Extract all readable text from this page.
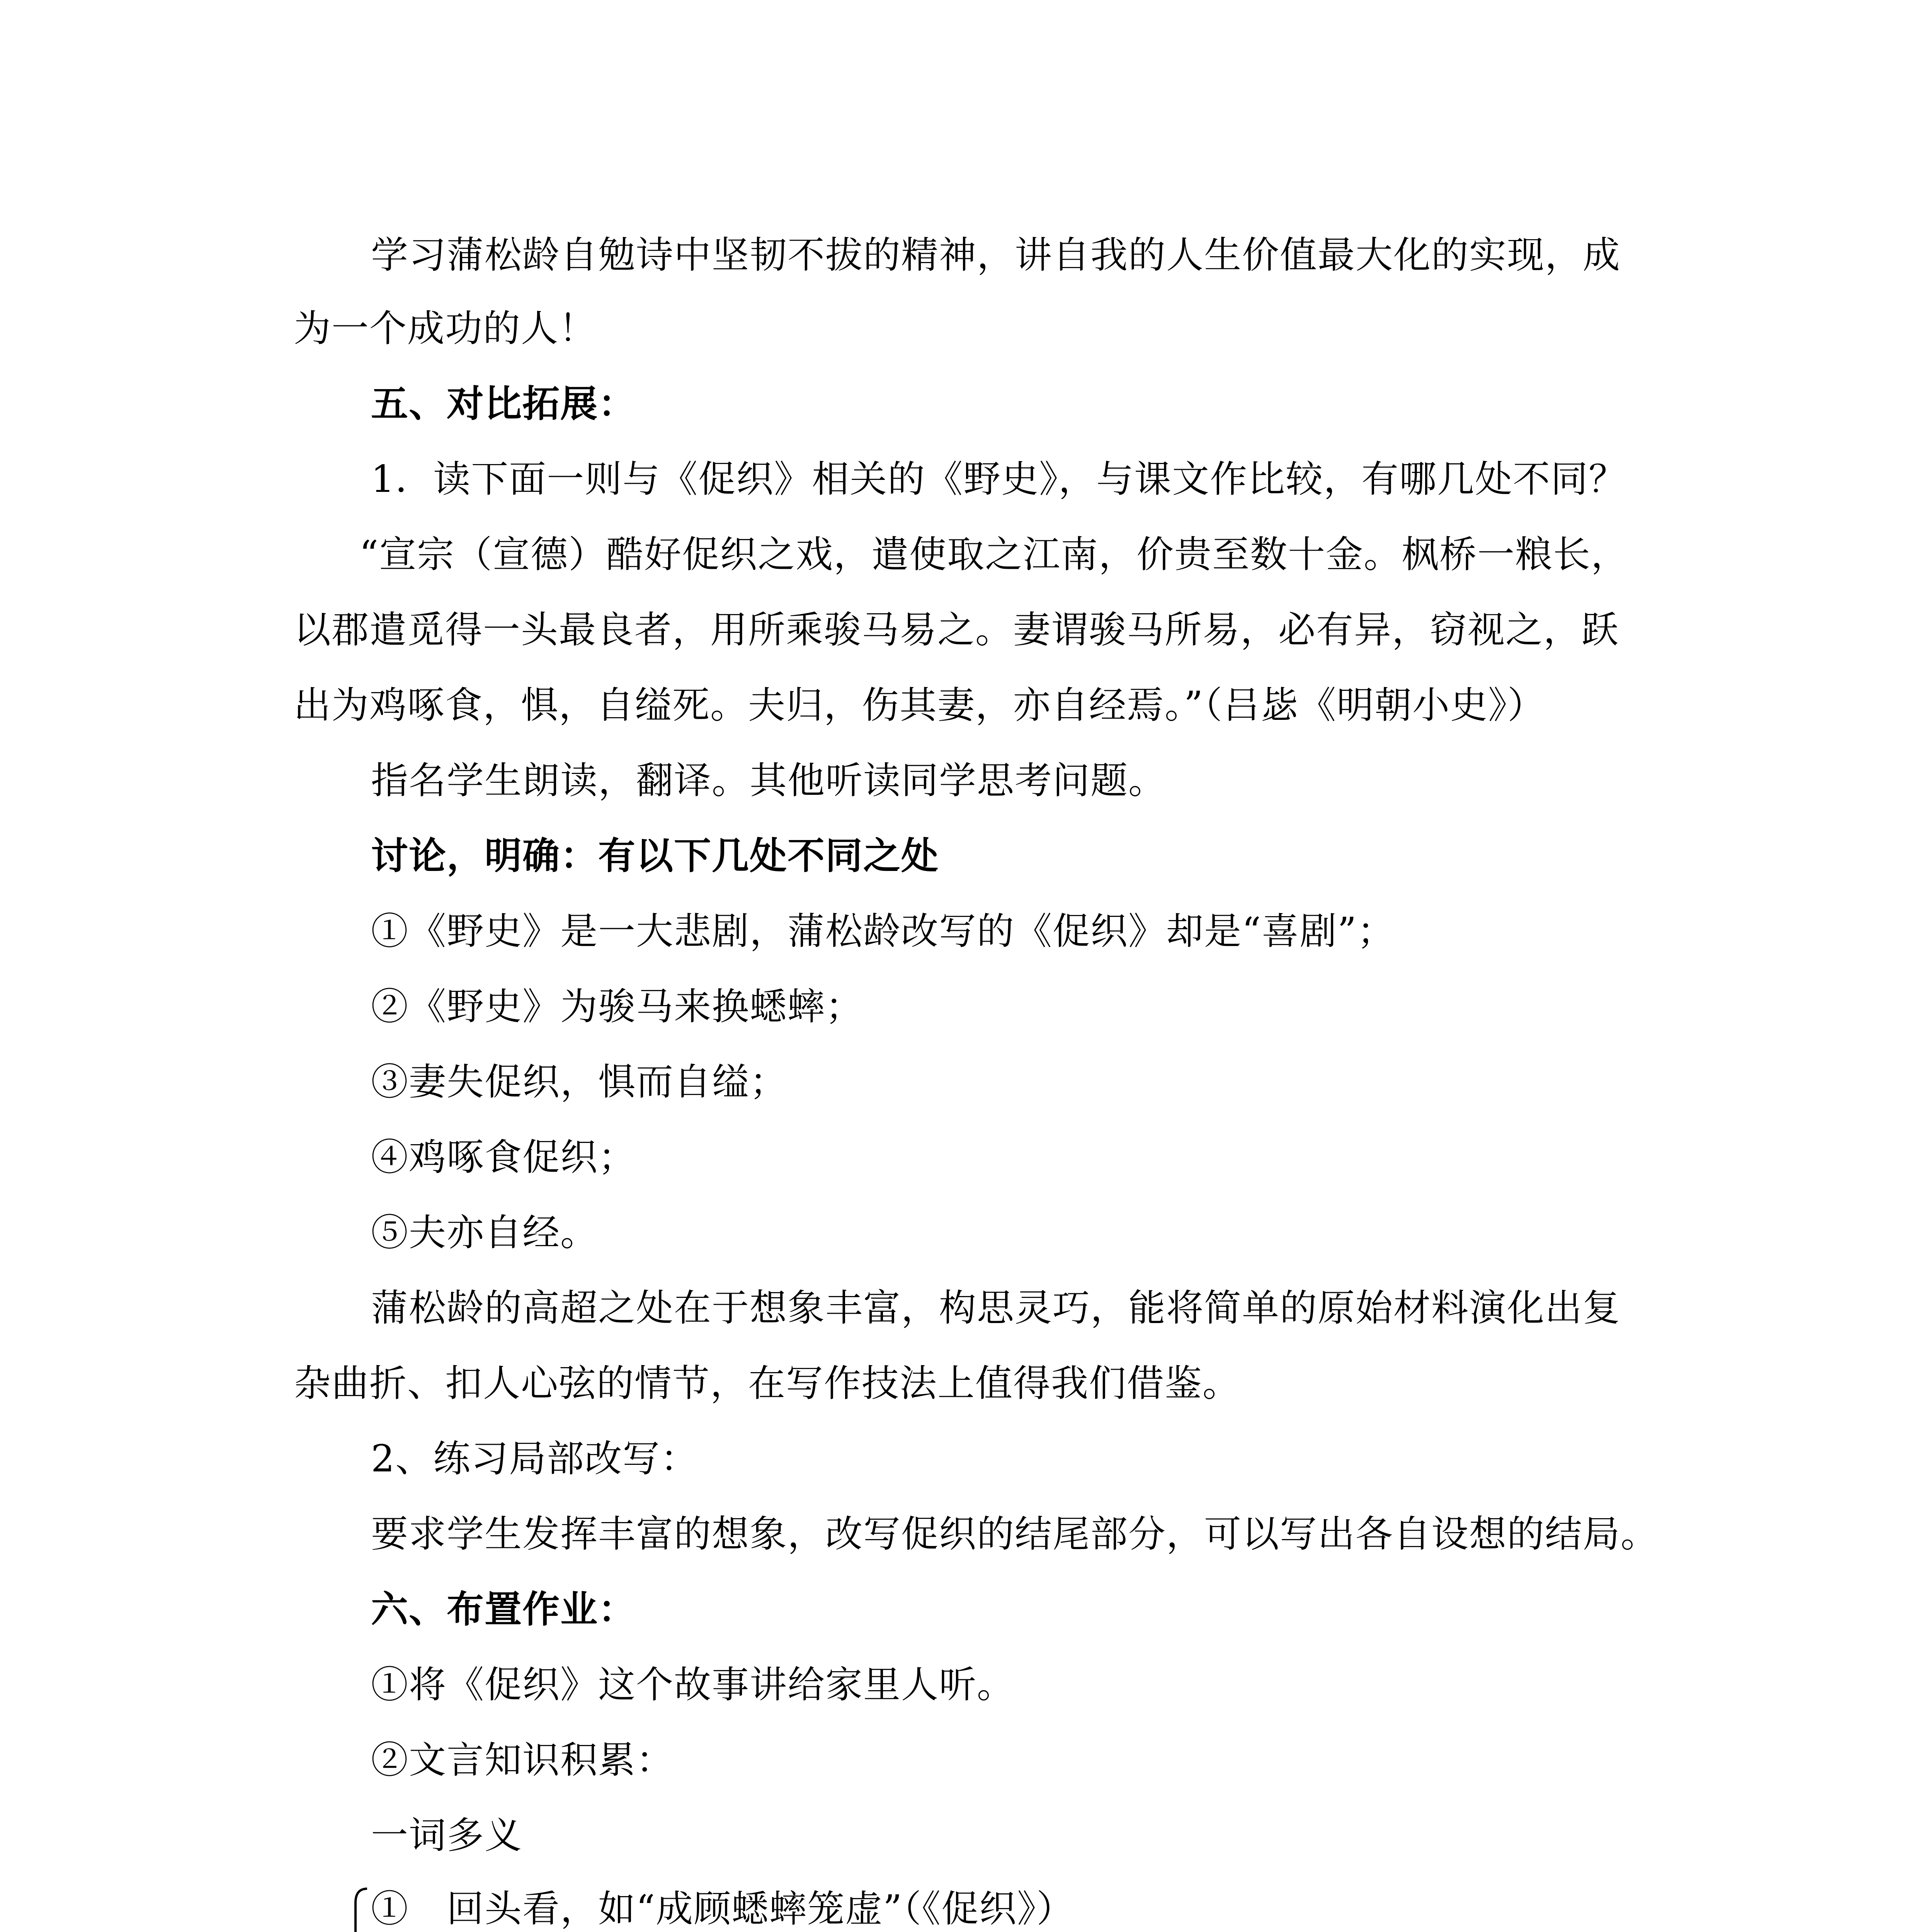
学习蒲松龄自勉诗中坚韧不拔的精神，讲自我的人生价值最大化的实现，成
为一个成功的人！
五、对比拓展：
1．读下面一则与《促织》相关的《野史》，与课文作比较，有哪几处不同？
“宣宗（宣德）酷好促织之戏，遣使取之江南，价贵至数十金。枫桥一粮长，
以郡遣觅得一头最良者，用所乘骏马易之。妻谓骏马所易，必有异，窃视之，跃
出为鸡啄食，惧，自缢死。夫归，伤其妻，亦自经焉。”（吕毖《明朝小史》）
指名学生朗读，翻译。其他听读同学思考问题。
讨论，明确：有以下几处不同之处
①《野史》是一大悲剧，蒲松龄改写的《促织》却是“喜剧”；
②《野史》为骏马来换蟋蟀；
③妻失促织，惧而自缢；
④鸡啄食促织；
⑤夫亦自经。
蒲松龄的高超之处在于想象丰富，构思灵巧，能将简单的原始材料演化出复
杂曲折、扣人心弦的情节，在写作技法上值得我们借鉴。
2、练习局部改写：
要求学生发挥丰富的想象，改写促织的结尾部分，可以写出各自设想的结局。
六、布置作业：
①将《促织》这个故事讲给家里人听。
②文言知识积累：
一词多义
①　回头看，如“成顾蟋蟀笼虚”（《促织》）
